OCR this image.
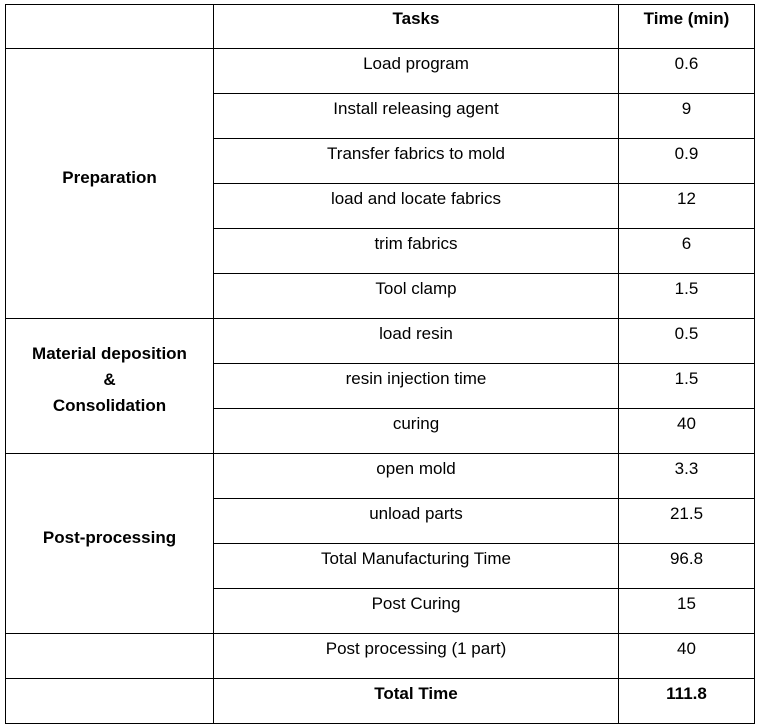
	Tasks	Time (min)

Preparation	Load program	0.6

	Install releasing agent	9

	Transfer fabrics to mold	0.9

	load and locate fabrics	12

	trim fabrics	6

	Tool clamp	1.5

Material deposition
&
Consolidation	load resin	0.5

	resin injection time	1.5

	curing	40

Post-processing	open mold	3.3

	unload parts	21.5

	Total Manufacturing Time	96.8

	Post Curing	15

	Post processing (1 part)	40

	Total Time	111.8
